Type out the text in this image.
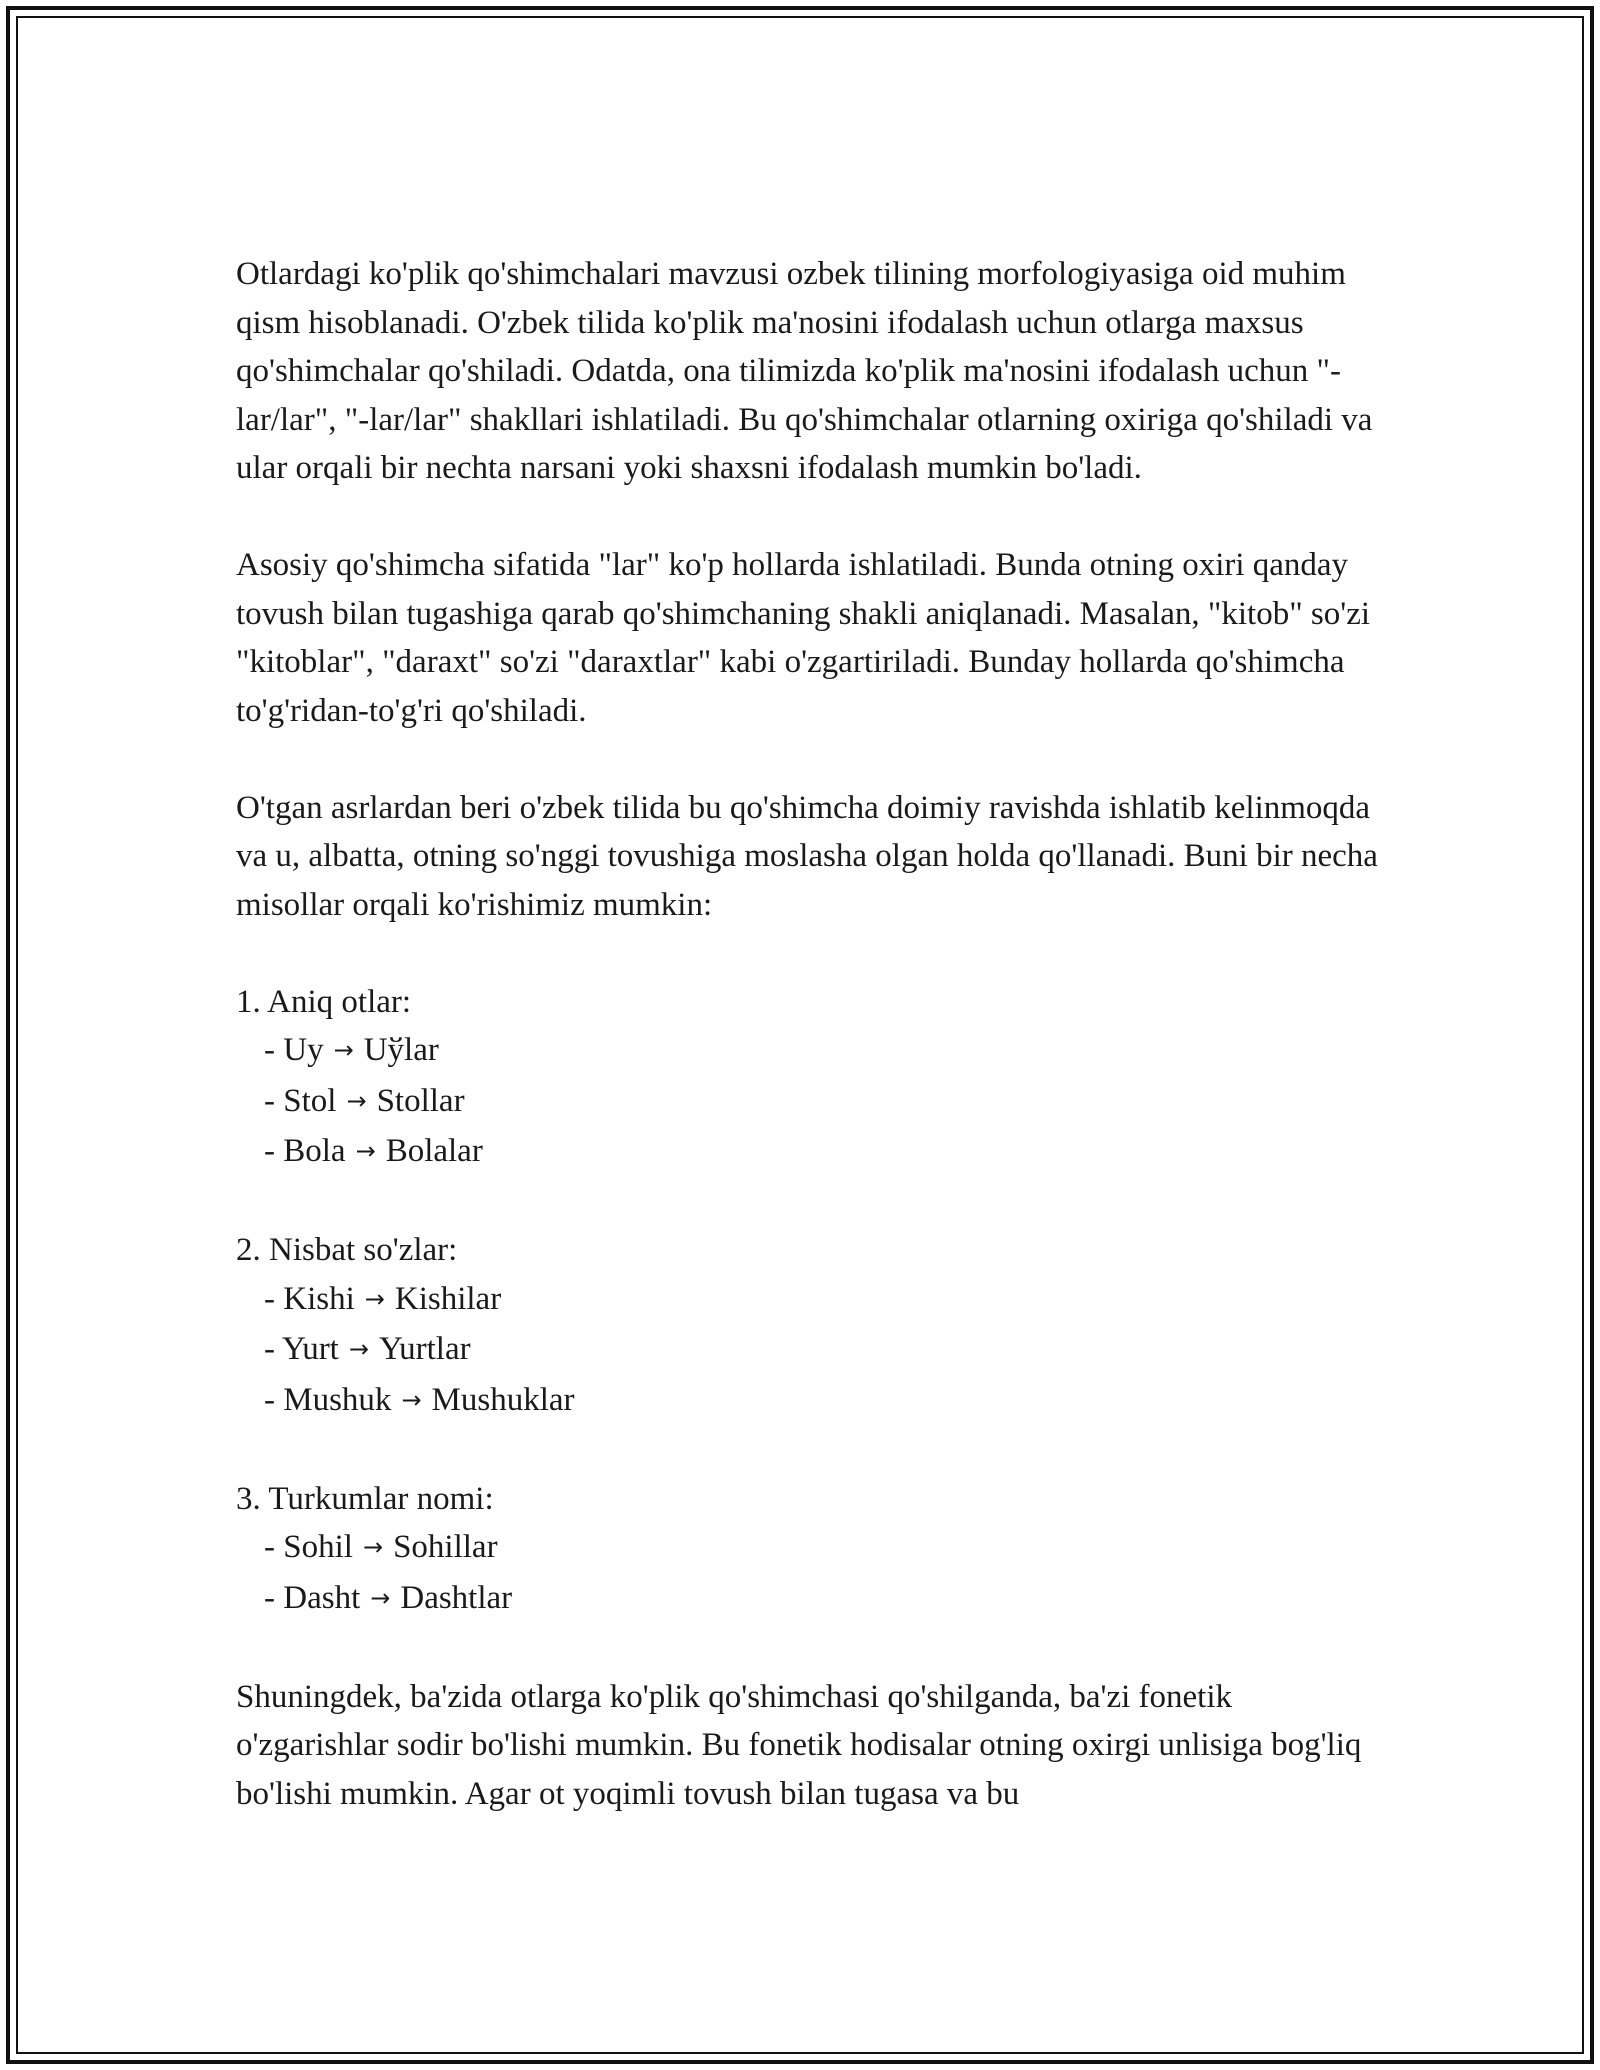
Otlardagi ko'plik qo'shimchalari mavzusi ozbek tilining morfologiyasiga oid muhim qism hisoblanadi. O'zbek tilida ko'plik ma'nosini ifodalash uchun otlarga maxsus qo'shimchalar qo'shiladi. Odatda, ona tilimizda ko'plik ma'nosini ifodalash uchun "-lar/lar", "-lar/lar" shakllari ishlatiladi. Bu qo'shimchalar otlarning oxiriga qo'shiladi va ular orqali bir nechta narsani yoki shaxsni ifodalash mumkin bo'ladi.

Asosiy qo'shimcha sifatida "lar" ko'p hollarda ishlatiladi. Bunda otning oxiri qanday tovush bilan tugashiga qarab qo'shimchaning shakli aniqlanadi. Masalan, "kitob" so'zi "kitoblar", "daraxt" so'zi "daraxtlar" kabi o'zgartiriladi. Bunday hollarda qo'shimcha to'g'ridan-to'g'ri qo'shiladi.

O'tgan asrlardan beri o'zbek tilida bu qo'shimcha doimiy ravishda ishlatib kelinmoqda va u, albatta, otning so'nggi tovushiga moslasha olgan holda qo'llanadi. Buni bir necha misollar orqali ko'rishimiz mumkin:

1. Aniq otlar:

- Uy → Uўlar

- Stol → Stollar

- Bola → Bolalar

2. Nisbat so'zlar:

- Kishi → Kishilar

- Yurt → Yurtlar

- Mushuk → Mushuklar

3. Turkumlar nomi:

- Sohil → Sohillar

- Dasht → Dashtlar

Shuningdek, ba'zida otlarga ko'plik qo'shimchasi qo'shilganda, ba'zi fonetik o'zgarishlar sodir bo'lishi mumkin. Bu fonetik hodisalar otning oxirgi unlisiga bog'liq bo'lishi mumkin. Agar ot yoqimli tovush bilan tugasa va bu
